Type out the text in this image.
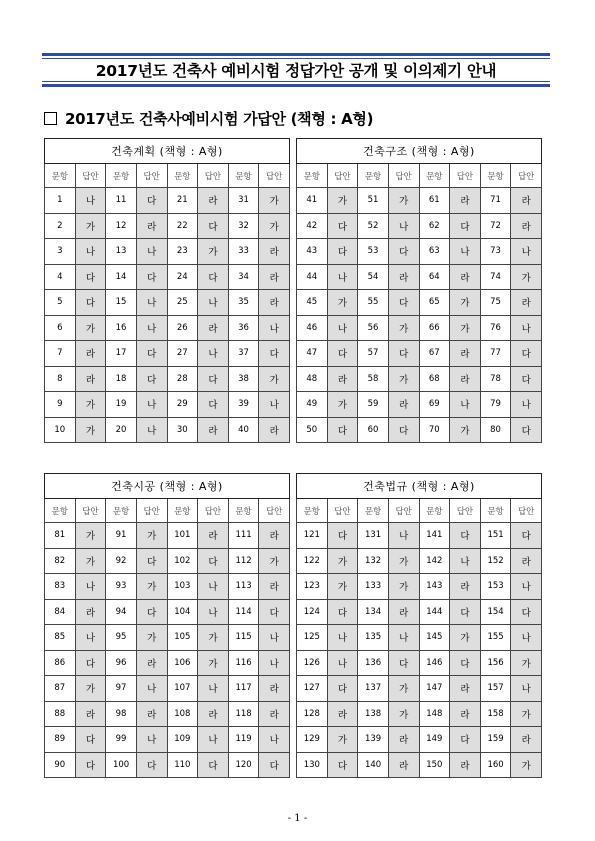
2017년도 건축사 예비시험 정답가안 공개 및 이의제기 안내
2017년도 건축사예비시험 가답안 (책형 : A형)
건축계획 (책형 : A형)							
문항	답안	문항	답안	문항	답안	문항	답안
1	나	11	다	21	라	31	가
2	가	12	라	22	다	32	가
3	나	13	나	23	가	33	라
4	다	14	다	24	다	34	라
5	다	15	나	25	나	35	라
6	가	16	나	26	라	36	나
7	라	17	다	27	나	37	다
8	라	18	다	28	다	38	가
9	가	19	나	29	다	39	나
10	가	20	나	30	라	40	라
건축구조 (책형 : A형)							
문항	답안	문항	답안	문항	답안	문항	답안
41	가	51	가	61	라	71	라
42	다	52	나	62	다	72	라
43	다	53	다	63	나	73	나
44	나	54	라	64	라	74	가
45	가	55	다	65	가	75	라
46	나	56	가	66	가	76	나
47	다	57	다	67	라	77	다
48	라	58	가	68	라	78	다
49	가	59	라	69	나	79	나
50	다	60	다	70	가	80	다
건축시공 (책형 : A형)							
문항	답안	문항	답안	문항	답안	문항	답안
81	가	91	가	101	라	111	라
82	가	92	다	102	다	112	가
83	나	93	가	103	나	113	라
84	라	94	다	104	나	114	다
85	나	95	가	105	가	115	나
86	다	96	라	106	가	116	나
87	가	97	나	107	나	117	라
88	라	98	라	108	라	118	라
89	다	99	나	109	나	119	나
90	다	100	다	110	다	120	다
건축법규 (책형 : A형)							
문항	답안	문항	답안	문항	답안	문항	답안
121	다	131	나	141	다	151	다
122	가	132	가	142	나	152	라
123	가	133	가	143	라	153	나
124	다	134	라	144	다	154	다
125	나	135	나	145	가	155	나
126	나	136	다	146	다	156	가
127	다	137	가	147	라	157	나
128	라	138	가	148	라	158	가
129	가	139	라	149	다	159	라
130	다	140	라	150	라	160	가
- 1 -
